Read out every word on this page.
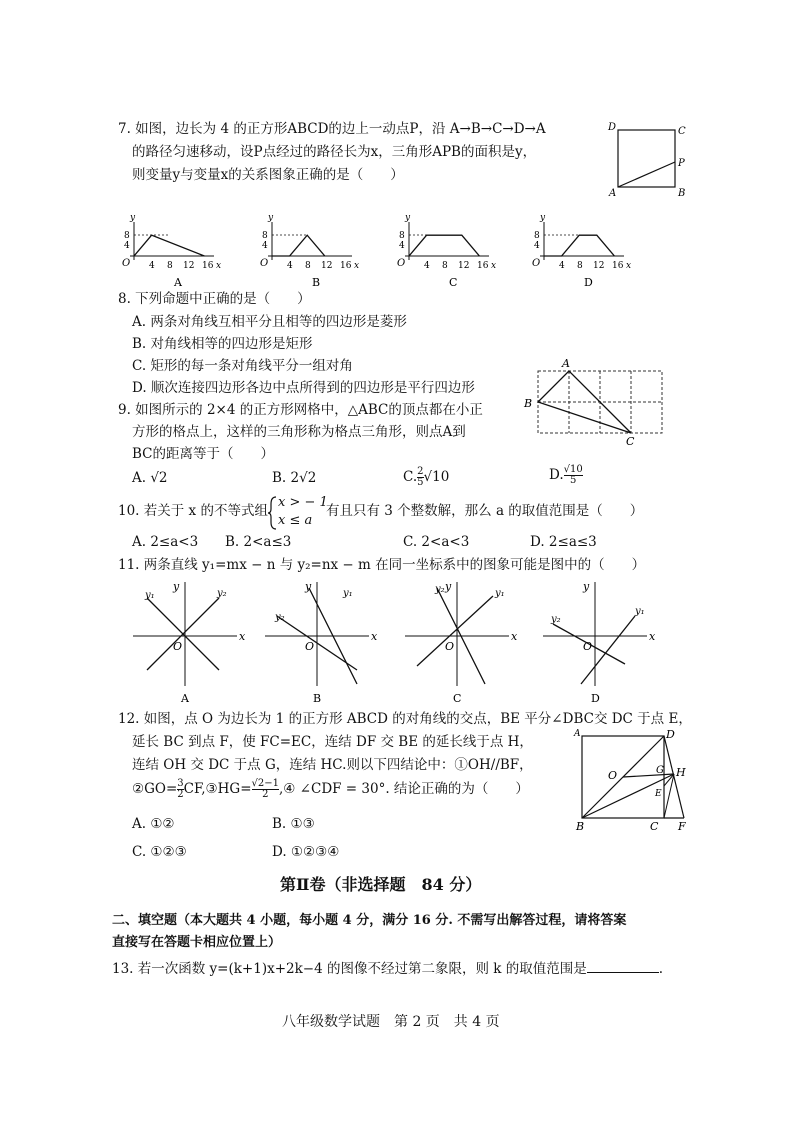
7. 如图，边长为 4 的正方形ABCD的边上一动点P，沿 A→B→C→D→A
的路径匀速移动，设P点经过的路径长为x，三角形APB的面积是y，
则变量y与变量x的关系图象正确的是（　　）
D	C
P
A	B
8
4
O 4 8 12 16 x
y
A
8
4
O 4 8 12 16 x
y
B
8
4
O 4 8 12 16 x
y
C
8
4
O 4 8 12 16 x
y
D
8. 下列命题中正确的是（　　）
A. 两条对角线互相平分且相等的四边形是菱形
B. 对角线相等的四边形是矩形
C. 矩形的每一条对角线平分一组对角
D. 顺次连接四边形各边中点所得到的四边形是平行四边形
A
B
C
9. 如图所示的 2×4 的正方形网格中，△ABC的顶点都在小正
方形的格点上，这样的三角形称为格点三角形，则点A到
BC的距离等于（　　）
A. √2	B. 2√2	C. $\frac{2}{5} √10$	D. $\frac{√10}{5}$
10. 若关于 x 的不等式组
x > − 1
x ≤ a
有且只有 3 个整数解，那么 a 的取值范围是（　　）
A. 2≤a<3 B. 2<a≤3	C. 2<a<3	D. 2≤a≤3
11. 两条直线 y₁=mx − n 与 y₂=nx − m 在同一坐标系中的图象可能是图中的（　　）
O
x
y
y₁	y₂
A
O
x
y
y₁
y₂
B
O
x
y
y₁
y₂
C
O
x
y
y₁
y₂
D
12. 如图，点 O 为边长为 1 的正方形 ABCD 的对角线的交点，BE 平分∠DBC交 DC 于点 E，
延长 BC 到点 F，使 FC=EC，连结 DF 交 BE 的延长线于点 H，
连结 OH 交 DC 于点 G，连结 HC.则以下四结论中：①OH//BF，
②GO= $\frac{3}{2}$ CF,③HG= $\frac{√2-1}{2}$ ,④ ∠CDF = 30°. 结论正确的为（　　）
A. ①②	B. ①③
C. ①②③	D. ①②③④
A	D
O	G H
E
B	C F
第Ⅱ卷（非选择题　84 分）
二、填空题（本大题共 4 小题，每小题 4 分，满分 16 分. 不需写出解答过程，请将答案
直接写在答题卡相应位置上）
13. 若一次函数 y=(k+1)x+2k−4 的图像不经过第二象限，则 k 的取值范围是	.
八年级数学试题　第 2 页　共 4 页
